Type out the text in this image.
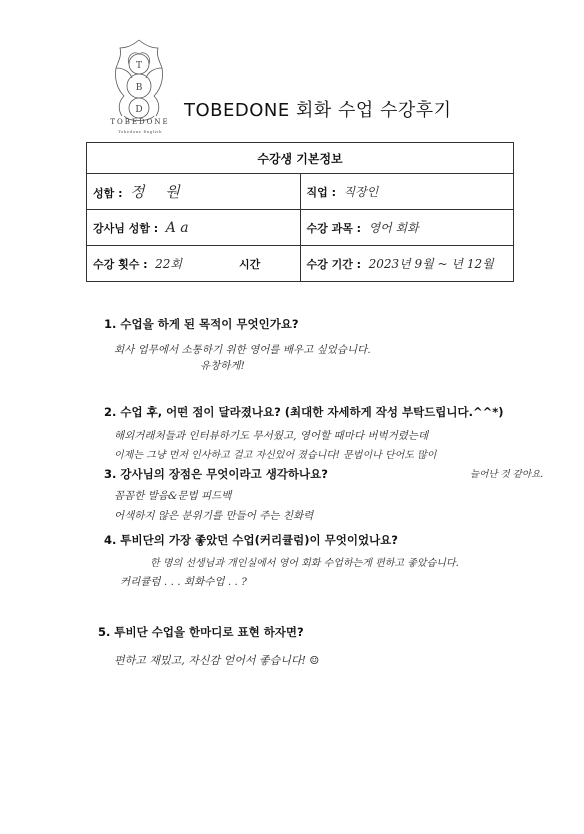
T
B
D
TOBEDONE
Tobedone English
TOBEDONE 회화 수업 수강후기
수강생 기본정보	
성함 : 정 원	직업 : 직장인
강사님 성함 : A a	수강 과목 : 영어 회화
수강 횟수 : 22회 시간	수강 기간 : 2023년 9월 ~ 년 12월
1. 수업을 하게 된 목적이 무엇인가요?
회사 업무에서 소통하기 위한 영어를 배우고 싶었습니다.
유창하게!
2. 수업 후, 어떤 점이 달라졌나요? (최대한 자세하게 작성 부탁드립니다.^^*)
해외거래처들과 인터뷰하기도 무서웠고, 영어할 때마다 버벅거렸는데
이제는 그냥 먼저 인사하고 걸고 자신있어 졌습니다! 문법이나 단어도 많이
늘어난 것 같아요.
3. 강사님의 장점은 무엇이라고 생각하나요?
꼼꼼한 발음&문법 피드백
어색하지 않은 분위기를 만들어 주는 친화력
4. 투비단의 가장 좋았던 수업(커리큘럼)이 무엇이었나요?
한 명의 선생님과 개인실에서 영어 회화 수업하는게 편하고 좋았습니다.
커리큘럼 . . . 회화수업 . . ?
5. 투비단 수업을 한마디로 표현 하자면?
편하고 재밌고, 자신감 얻어서 좋습니다! ☺
